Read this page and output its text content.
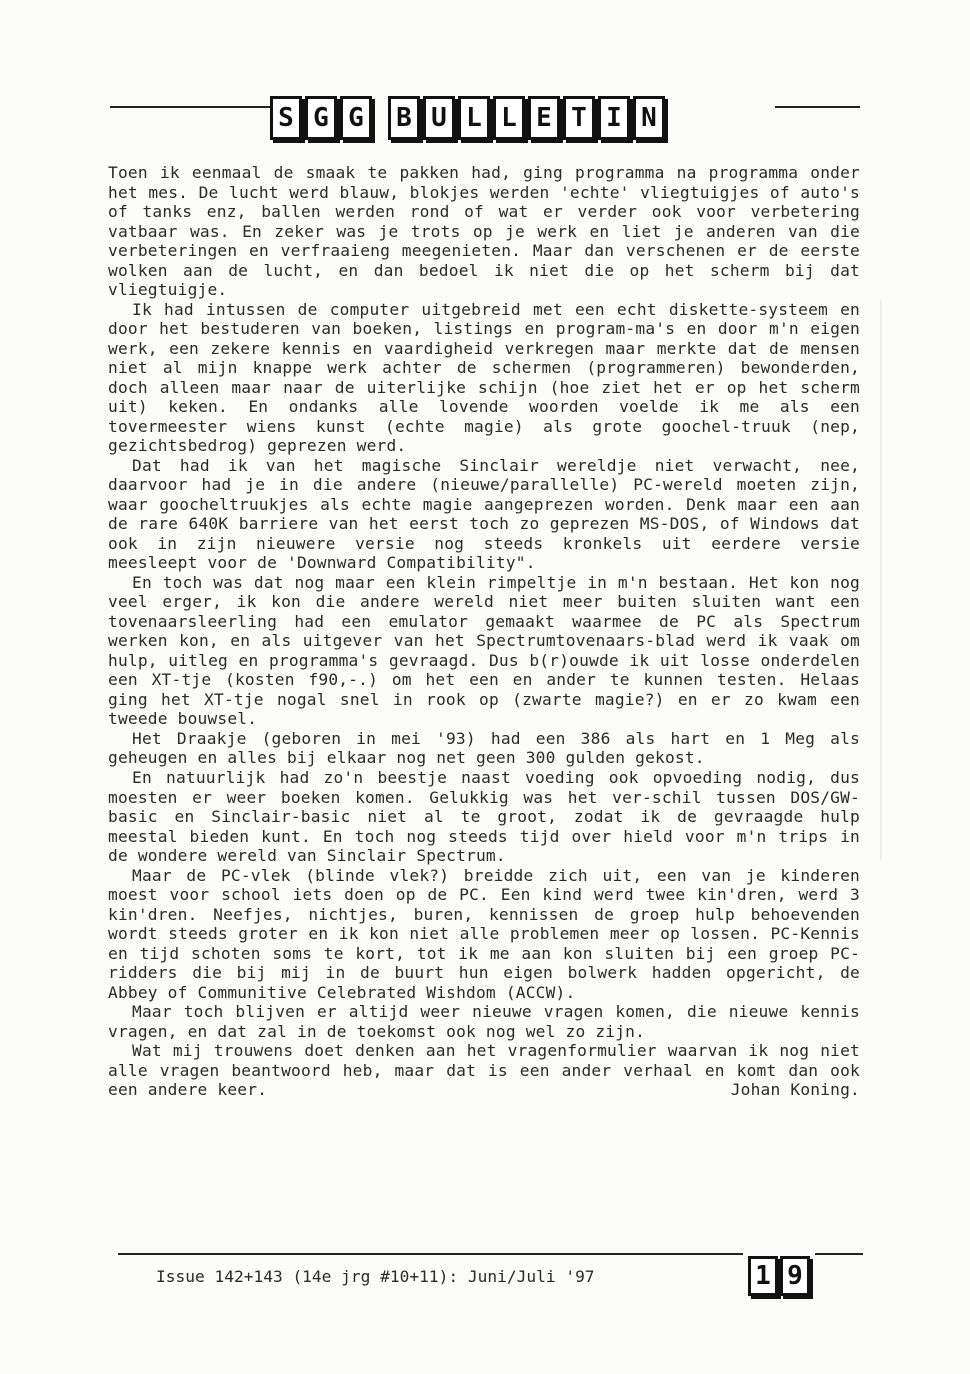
S G G	B U L L E T I N

Toen ik eenmaal de smaak te pakken had, ging programma na programma onder het mes. De lucht werd blauw, blokjes werden 'echte' vliegtuigjes of auto's of tanks enz, ballen werden rond of wat er verder ook voor verbetering vatbaar was. En zeker was je trots op je werk en liet je anderen van die verbeteringen en verfraaieng meegenieten. Maar dan verschenen er de eerste wolken aan de lucht, en dan bedoel ik niet die op het scherm bij dat vliegtuigje.

Ik had intussen de computer uitgebreid met een echt diskette-systeem en door het bestuderen van boeken, listings en program-ma's en door m'n eigen werk, een zekere kennis en vaardigheid verkregen maar merkte dat de mensen niet al mijn knappe werk achter de schermen (programmeren) bewonderden, doch alleen maar naar de uiterlijke schijn (hoe ziet het er op het scherm uit) keken. En ondanks alle lovende woorden voelde ik me als een tovermeester wiens kunst (echte magie) als grote goochel-truuk (nep, gezichtsbedrog) geprezen werd.

Dat had ik van het magische Sinclair wereldje niet verwacht, nee, daarvoor had je in die andere (nieuwe/parallelle) PC-wereld moeten zijn, waar goocheltruukjes als echte magie aangeprezen worden. Denk maar een aan de rare 640K barriere van het eerst toch zo geprezen MS-DOS, of Windows dat ook in zijn nieuwere versie nog steeds kronkels uit eerdere versie meesleept voor de 'Downward Compatibility".

En toch was dat nog maar een klein rimpeltje in m'n bestaan. Het kon nog veel erger, ik kon die andere wereld niet meer buiten sluiten want een tovenaarsleerling had een emulator gemaakt waarmee de PC als Spectrum werken kon, en als uitgever van het Spectrumtovenaars-blad werd ik vaak om hulp, uitleg en programma's gevraagd. Dus b(r)ouwde ik uit losse onderdelen een XT-tje (kosten f90,-.) om het een en ander te kunnen testen. Helaas ging het XT-tje nogal snel in rook op (zwarte magie?) en er zo kwam een tweede bouwsel.

Het Draakje (geboren in mei '93) had een 386 als hart en 1 Meg als geheugen en alles bij elkaar nog net geen 300 gulden gekost.

En natuurlijk had zo'n beestje naast voeding ook opvoeding nodig, dus moesten er weer boeken komen. Gelukkig was het ver-schil tussen DOS/GW-basic en Sinclair-basic niet al te groot, zodat ik de gevraagde hulp meestal bieden kunt. En toch nog steeds tijd over hield voor m'n trips in de wondere wereld van Sinclair Spectrum.

Maar de PC-vlek (blinde vlek?) breidde zich uit, een van je kinderen moest voor school iets doen op de PC. Een kind werd twee kin'dren, werd 3 kin'dren. Neefjes, nichtjes, buren, kennissen de groep hulp behoevenden wordt steeds groter en ik kon niet alle problemen meer op lossen. PC-Kennis en tijd schoten soms te kort, tot ik me aan kon sluiten bij een groep PC-ridders die bij mij in de buurt hun eigen bolwerk hadden opgericht, de Abbey of Communitive Celebrated Wishdom (ACCW).

Maar toch blijven er altijd weer nieuwe vragen komen, die nieuwe kennis vragen, en dat zal in de toekomst ook nog wel zo zijn.

Wat mij trouwens doet denken aan het vragenformulier waarvan ik nog niet alle vragen beantwoord heb, maar dat is een ander verhaal en komt dan ook een andere keer.	Johan Koning.

Issue 142+143 (14e jrg #10+11): Juni/Juli '97	1 9
